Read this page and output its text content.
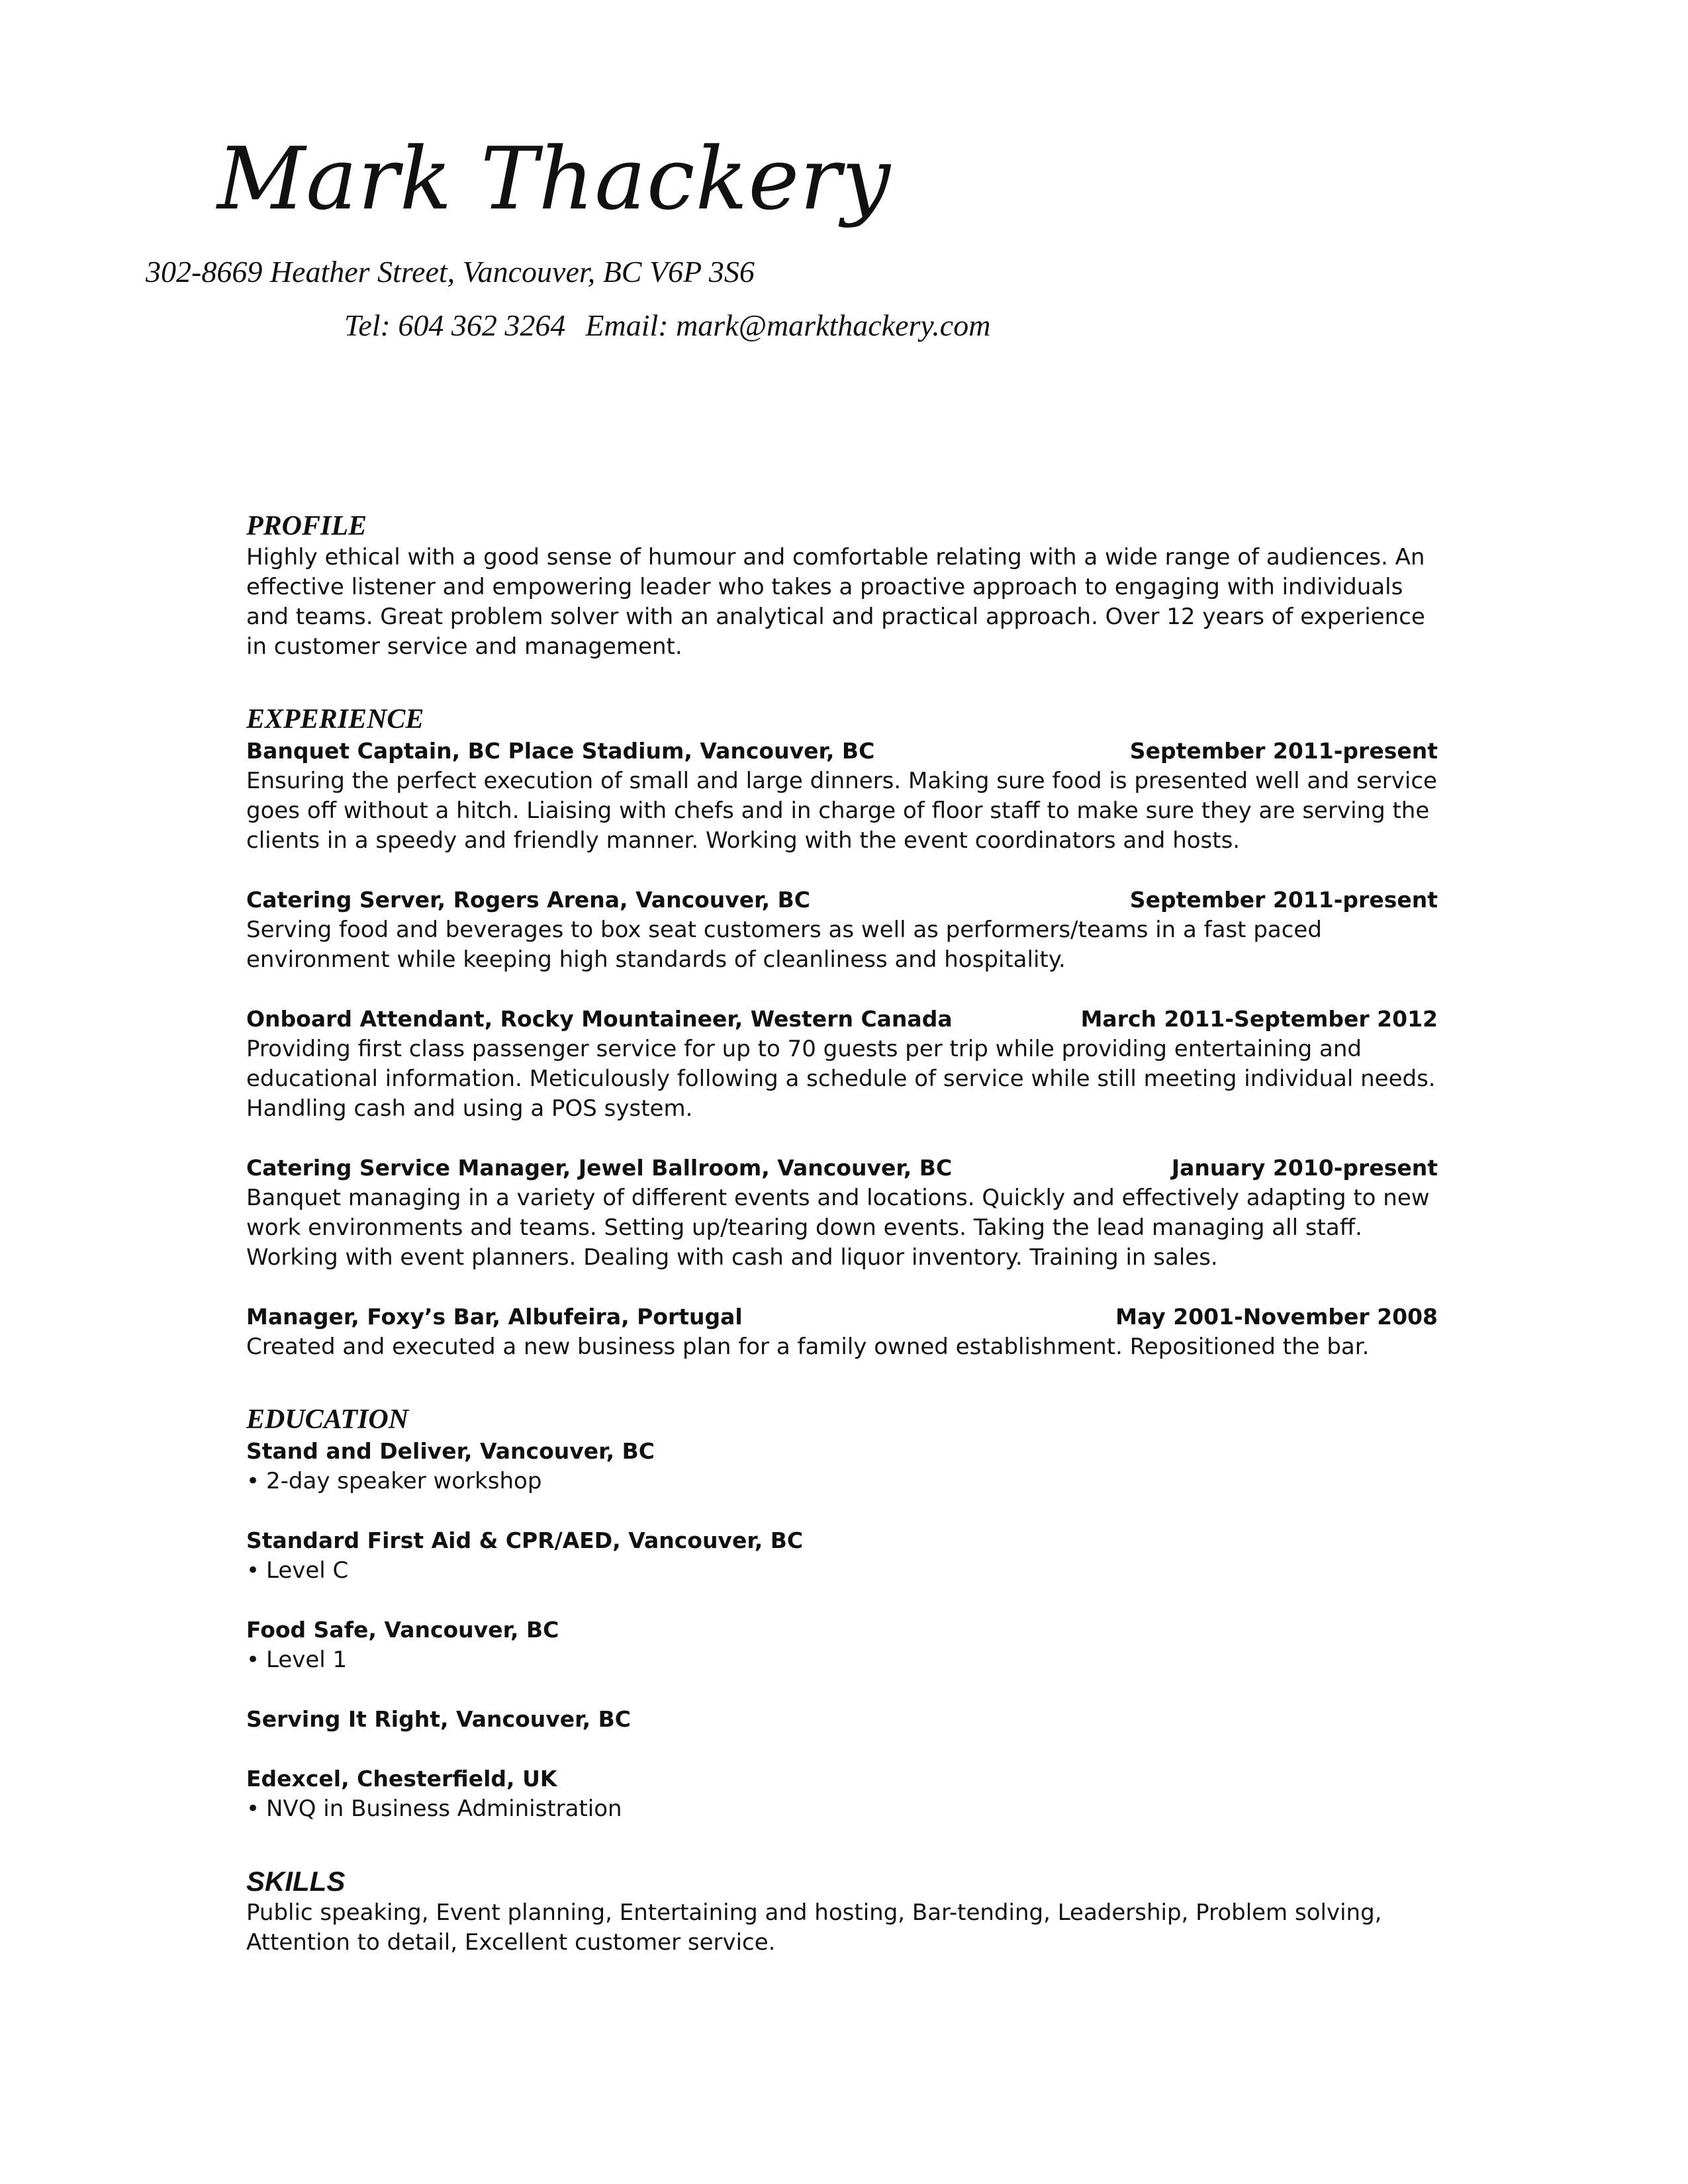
Mark Thackery
302-8669 Heather Street, Vancouver, BC V6P 3S6
Tel: 604 362 3264 Email: mark@markthackery.com
PROFILE

Highly ethical with a good sense of humour and comfortable relating with a wide range of audiences. An effective listener and empowering leader who takes a proactive approach to engaging with individuals and teams. Great problem solver with an analytical and practical approach. Over 12 years of experience in customer service and management.

EXPERIENCE
Banquet Captain, BC Place Stadium, Vancouver, BC	September 2011-present

Ensuring the perfect execution of small and large dinners. Making sure food is presented well and service goes off without a hitch. Liaising with chefs and in charge of floor staff to make sure they are serving the clients in a speedy and friendly manner. Working with the event coordinators and hosts.

Catering Server, Rogers Arena, Vancouver, BC	September 2011-present

Serving food and beverages to box seat customers as well as performers/teams in a fast paced environment while keeping high standards of cleanliness and hospitality.

Onboard Attendant, Rocky Mountaineer, Western Canada	March 2011-September 2012

Providing first class passenger service for up to 70 guests per trip while providing entertaining and educational information. Meticulously following a schedule of service while still meeting individual needs. Handling cash and using a POS system.

Catering Service Manager, Jewel Ballroom, Vancouver, BC	January 2010-present

Banquet managing in a variety of different events and locations. Quickly and effectively adapting to new work environments and teams. Setting up/tearing down events. Taking the lead managing all staff. Working with event planners. Dealing with cash and liquor inventory. Training in sales.

Manager, Foxy’s Bar, Albufeira, Portugal	May 2001-November 2008

Created and executed a new business plan for a family owned establishment. Repositioned the bar.

EDUCATION
Stand and Deliver, Vancouver, BC
• 2-day speaker workshop
Standard First Aid & CPR/AED, Vancouver, BC
• Level C
Food Safe, Vancouver, BC
• Level 1
Serving It Right, Vancouver, BC
Edexcel, Chesterfield, UK
• NVQ in Business Administration
SKILLS

Public speaking, Event planning, Entertaining and hosting, Bar-tending, Leadership, Problem solving, Attention to detail, Excellent customer service.
